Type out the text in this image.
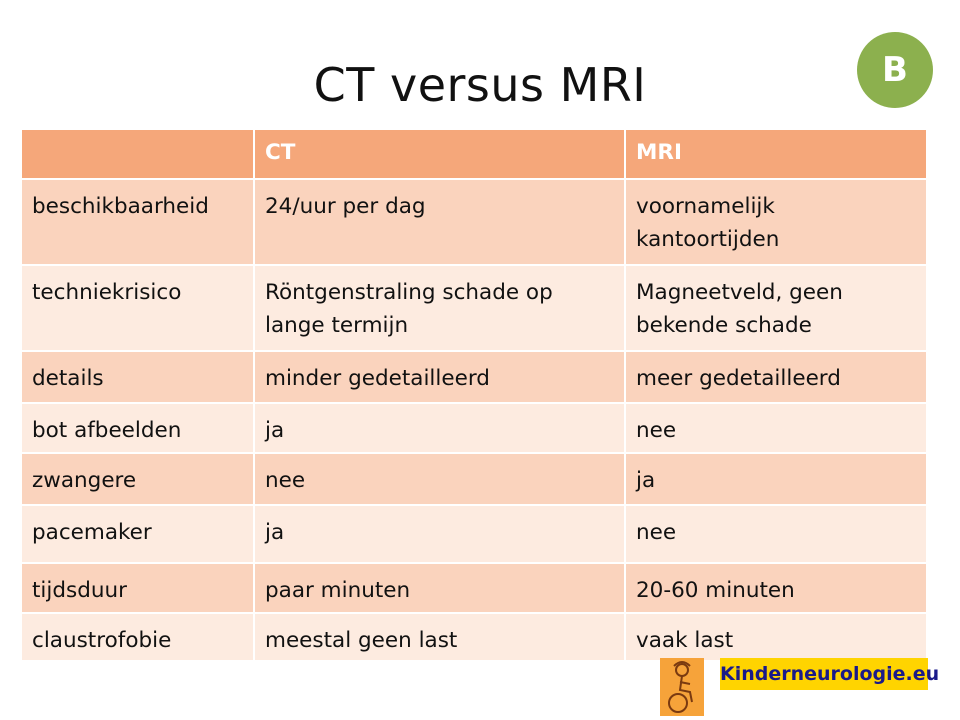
CT versus MRI	B
	CT	MRI
beschikbaarheid	24/uur per dag	voornamelijk kantoortijden
techniekrisico	Röntgenstraling schade op lange termijn	Magneetveld, geen bekende schade
details	minder gedetailleerd	meer gedetailleerd
bot afbeelden	ja	nee
zwangere	nee	ja
pacemaker	ja	nee
tijdsduur	paar minuten	20-60 minuten
claustrofobie	meestal geen last	vaak last
Kinderneurologie.eu
